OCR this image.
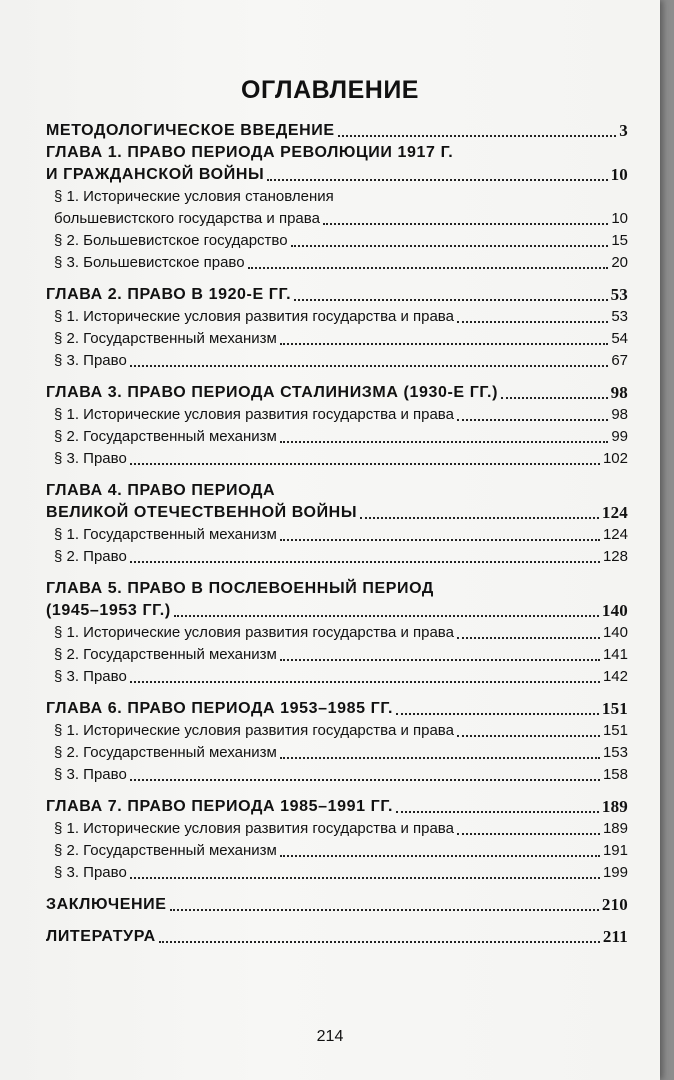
ОГЛАВЛЕНИЕ
МЕТОДОЛОГИЧЕСКОЕ ВВЕДЕНИЕ	3
ГЛАВА 1. ПРАВО ПЕРИОДА РЕВОЛЮЦИИ 1917 Г.
И ГРАЖДАНСКОЙ ВОЙНЫ	10
§ 1. Исторические условия становления
большевистского государства и права	10
§ 2. Большевистское государство	15
§ 3. Большевистское право	20
ГЛАВА 2. ПРАВО В 1920-Е ГГ.	53
§ 1. Исторические условия развития государства и права	53
§ 2. Государственный механизм	54
§ 3. Право	67
ГЛАВА 3. ПРАВО ПЕРИОДА СТАЛИНИЗМА (1930-Е ГГ.)	98
§ 1. Исторические условия развития государства и права	98
§ 2. Государственный механизм	99
§ 3. Право	102
ГЛАВА 4. ПРАВО ПЕРИОДА
ВЕЛИКОЙ ОТЕЧЕСТВЕННОЙ ВОЙНЫ	124
§ 1. Государственный механизм	124
§ 2. Право	128
ГЛАВА 5. ПРАВО В ПОСЛЕВОЕННЫЙ ПЕРИОД
(1945–1953 ГГ.)	140
§ 1. Исторические условия развития государства и права	140
§ 2. Государственный механизм	141
§ 3. Право	142
ГЛАВА 6. ПРАВО ПЕРИОДА 1953–1985 ГГ.	151
§ 1. Исторические условия развития государства и права	151
§ 2. Государственный механизм	153
§ 3. Право	158
ГЛАВА 7. ПРАВО ПЕРИОДА 1985–1991 ГГ.	189
§ 1. Исторические условия развития государства и права	189
§ 2. Государственный механизм	191
§ 3. Право	199
ЗАКЛЮЧЕНИЕ	210
ЛИТЕРАТУРА	211
214
